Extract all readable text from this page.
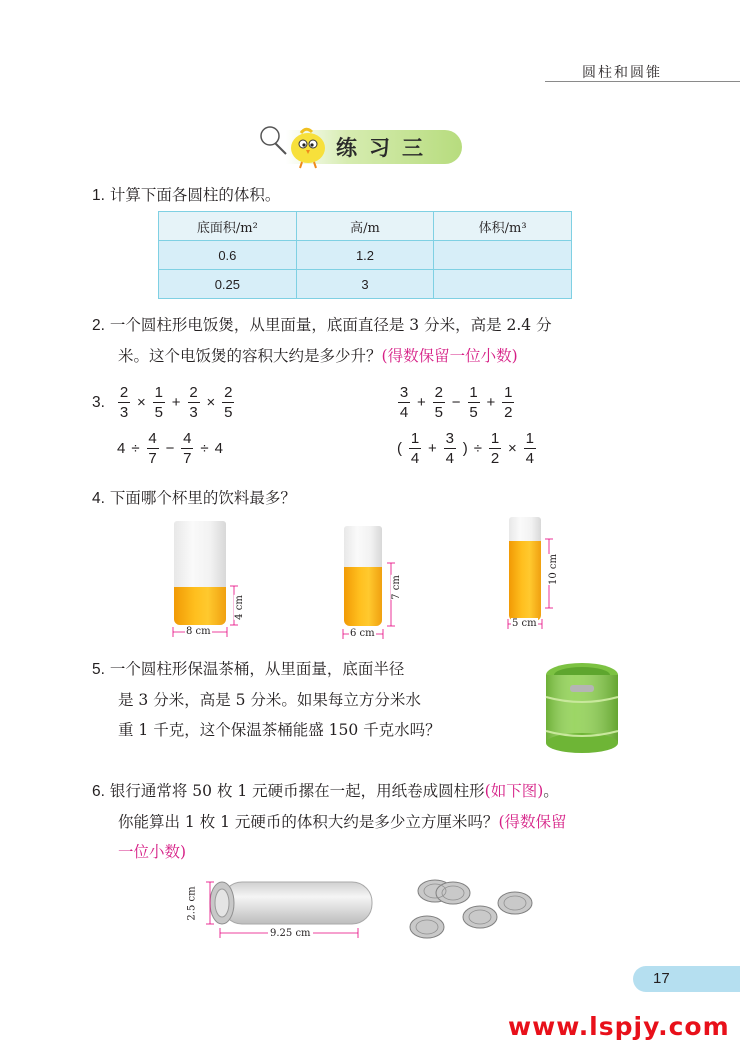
圆柱和圆锥
练习三
1. 计算下面各圆柱的体积。
底面积/m²	高/m	体积/m³
0.6	1.2	
0.25	3	
2. 一个圆柱形电饭煲，从里面量，底面直径是 3 分米，高是 2.4 分
米。这个电饭煲的容积大约是多少升？(得数保留一位小数)
3. $\frac{2}{3} \times \frac{1}{5} + \frac{2}{3} \times \frac{2}{5}$	$\frac{3}{4} + \frac{2}{5} - \frac{1}{5} + \frac{1}{2}$
$4 \div \frac{4}{7} - \frac{4}{7} \div 4$	( $\frac{1}{4} + \frac{3}{4}$ ) ÷ $\frac{1}{2} \times \frac{1}{4}$
4. 下面哪个杯里的饮料最多？
4 cm
8 cm
7 cm
6 cm
10 cm
5 cm
5. 一个圆柱形保温茶桶，从里面量，底面半径
是 3 分米，高是 5 分米。如果每立方分米水
重 1 千克，这个保温茶桶能盛 150 千克水吗？
6. 银行通常将 50 枚 1 元硬币摞在一起，用纸卷成圆柱形(如下图)。
你能算出 1 枚 1 元硬币的体积大约是多少立方厘米吗？(得数保留
一位小数)
2.5 cm
9.25 cm
17
www.lspjy.com
